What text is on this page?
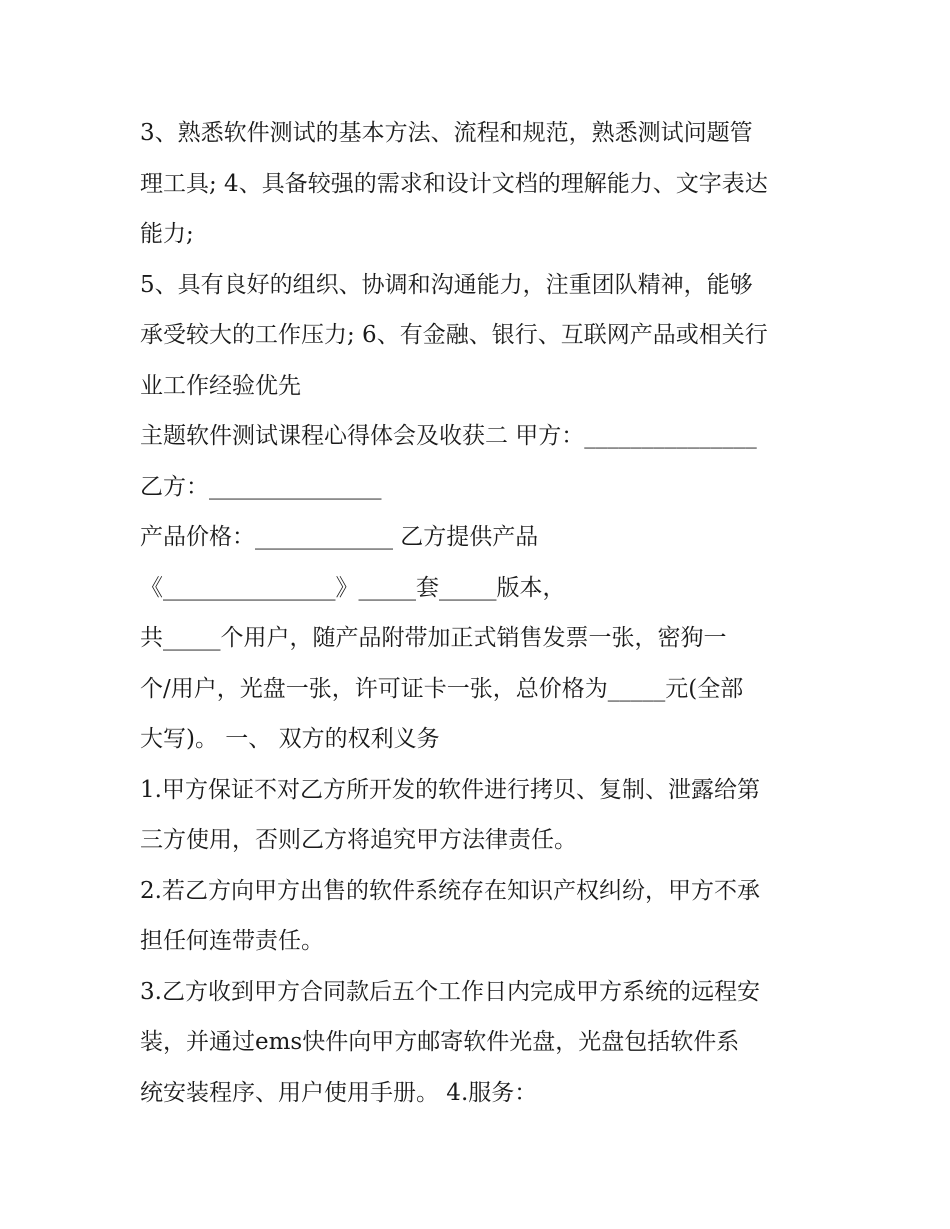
3、熟悉软件测试的基本方法、流程和规范，熟悉测试问题管
理工具; 4、具备较强的需求和设计文档的理解能力、文字表达
能力;
5、具有良好的组织、协调和沟通能力，注重团队精神，能够
承受较大的工作压力; 6、有金融、银行、互联网产品或相关行
业工作经验优先
主题软件测试课程心得体会及收获二 甲方：_______________
乙方：_______________
产品价格：____________ 乙方提供产品
《_______________》_____套_____版本，
共_____个用户，随产品附带加正式销售发票一张，密狗一
个/用户，光盘一张，许可证卡一张，总价格为_____元(全部
大写)。 一、 双方的权利义务
1.甲方保证不对乙方所开发的软件进行拷贝、复制、泄露给第
三方使用，否则乙方将追究甲方法律责任。
2.若乙方向甲方出售的软件系统存在知识产权纠纷，甲方不承
担任何连带责任。
3.乙方收到甲方合同款后五个工作日内完成甲方系统的远程安
装，并通过ems快件向甲方邮寄软件光盘，光盘包括软件系
统安装程序、用户使用手册。 4.服务：
